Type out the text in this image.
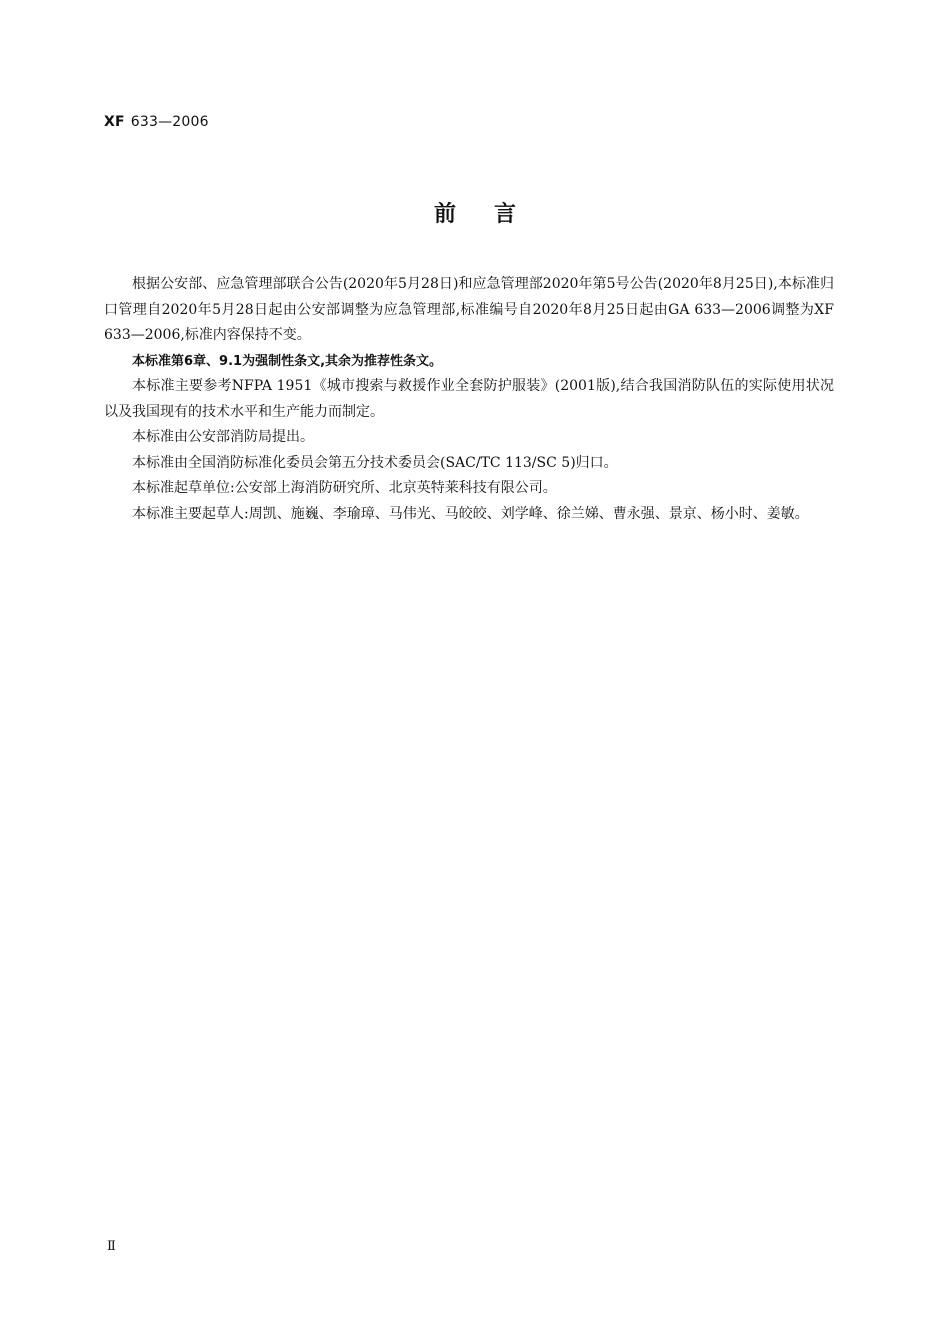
XF 633—2006
前言

根据公安部、应急管理部联合公告(2020年5月28日)和应急管理部2020年第5号公告(2020年8月25日),本标准归口管理自2020年5月28日起由公安部调整为应急管理部,标准编号自2020年8月25日起由GA 633—2006调整为XF 633—2006,标准内容保持不变。

本标准第6章、9.1为强制性条文,其余为推荐性条文。

本标准主要参考NFPA 1951《城市搜索与救援作业全套防护服装》(2001版),结合我国消防队伍的实际使用状况以及我国现有的技术水平和生产能力而制定。

本标准由公安部消防局提出。

本标准由全国消防标准化委员会第五分技术委员会(SAC/TC 113/SC 5)归口。

本标准起草单位:公安部上海消防研究所、北京英特莱科技有限公司。

本标准主要起草人:周凯、施巍、李瑜璋、马伟光、马皎皎、刘学峰、徐兰娣、曹永强、景京、杨小时、姜敏。

Ⅱ
